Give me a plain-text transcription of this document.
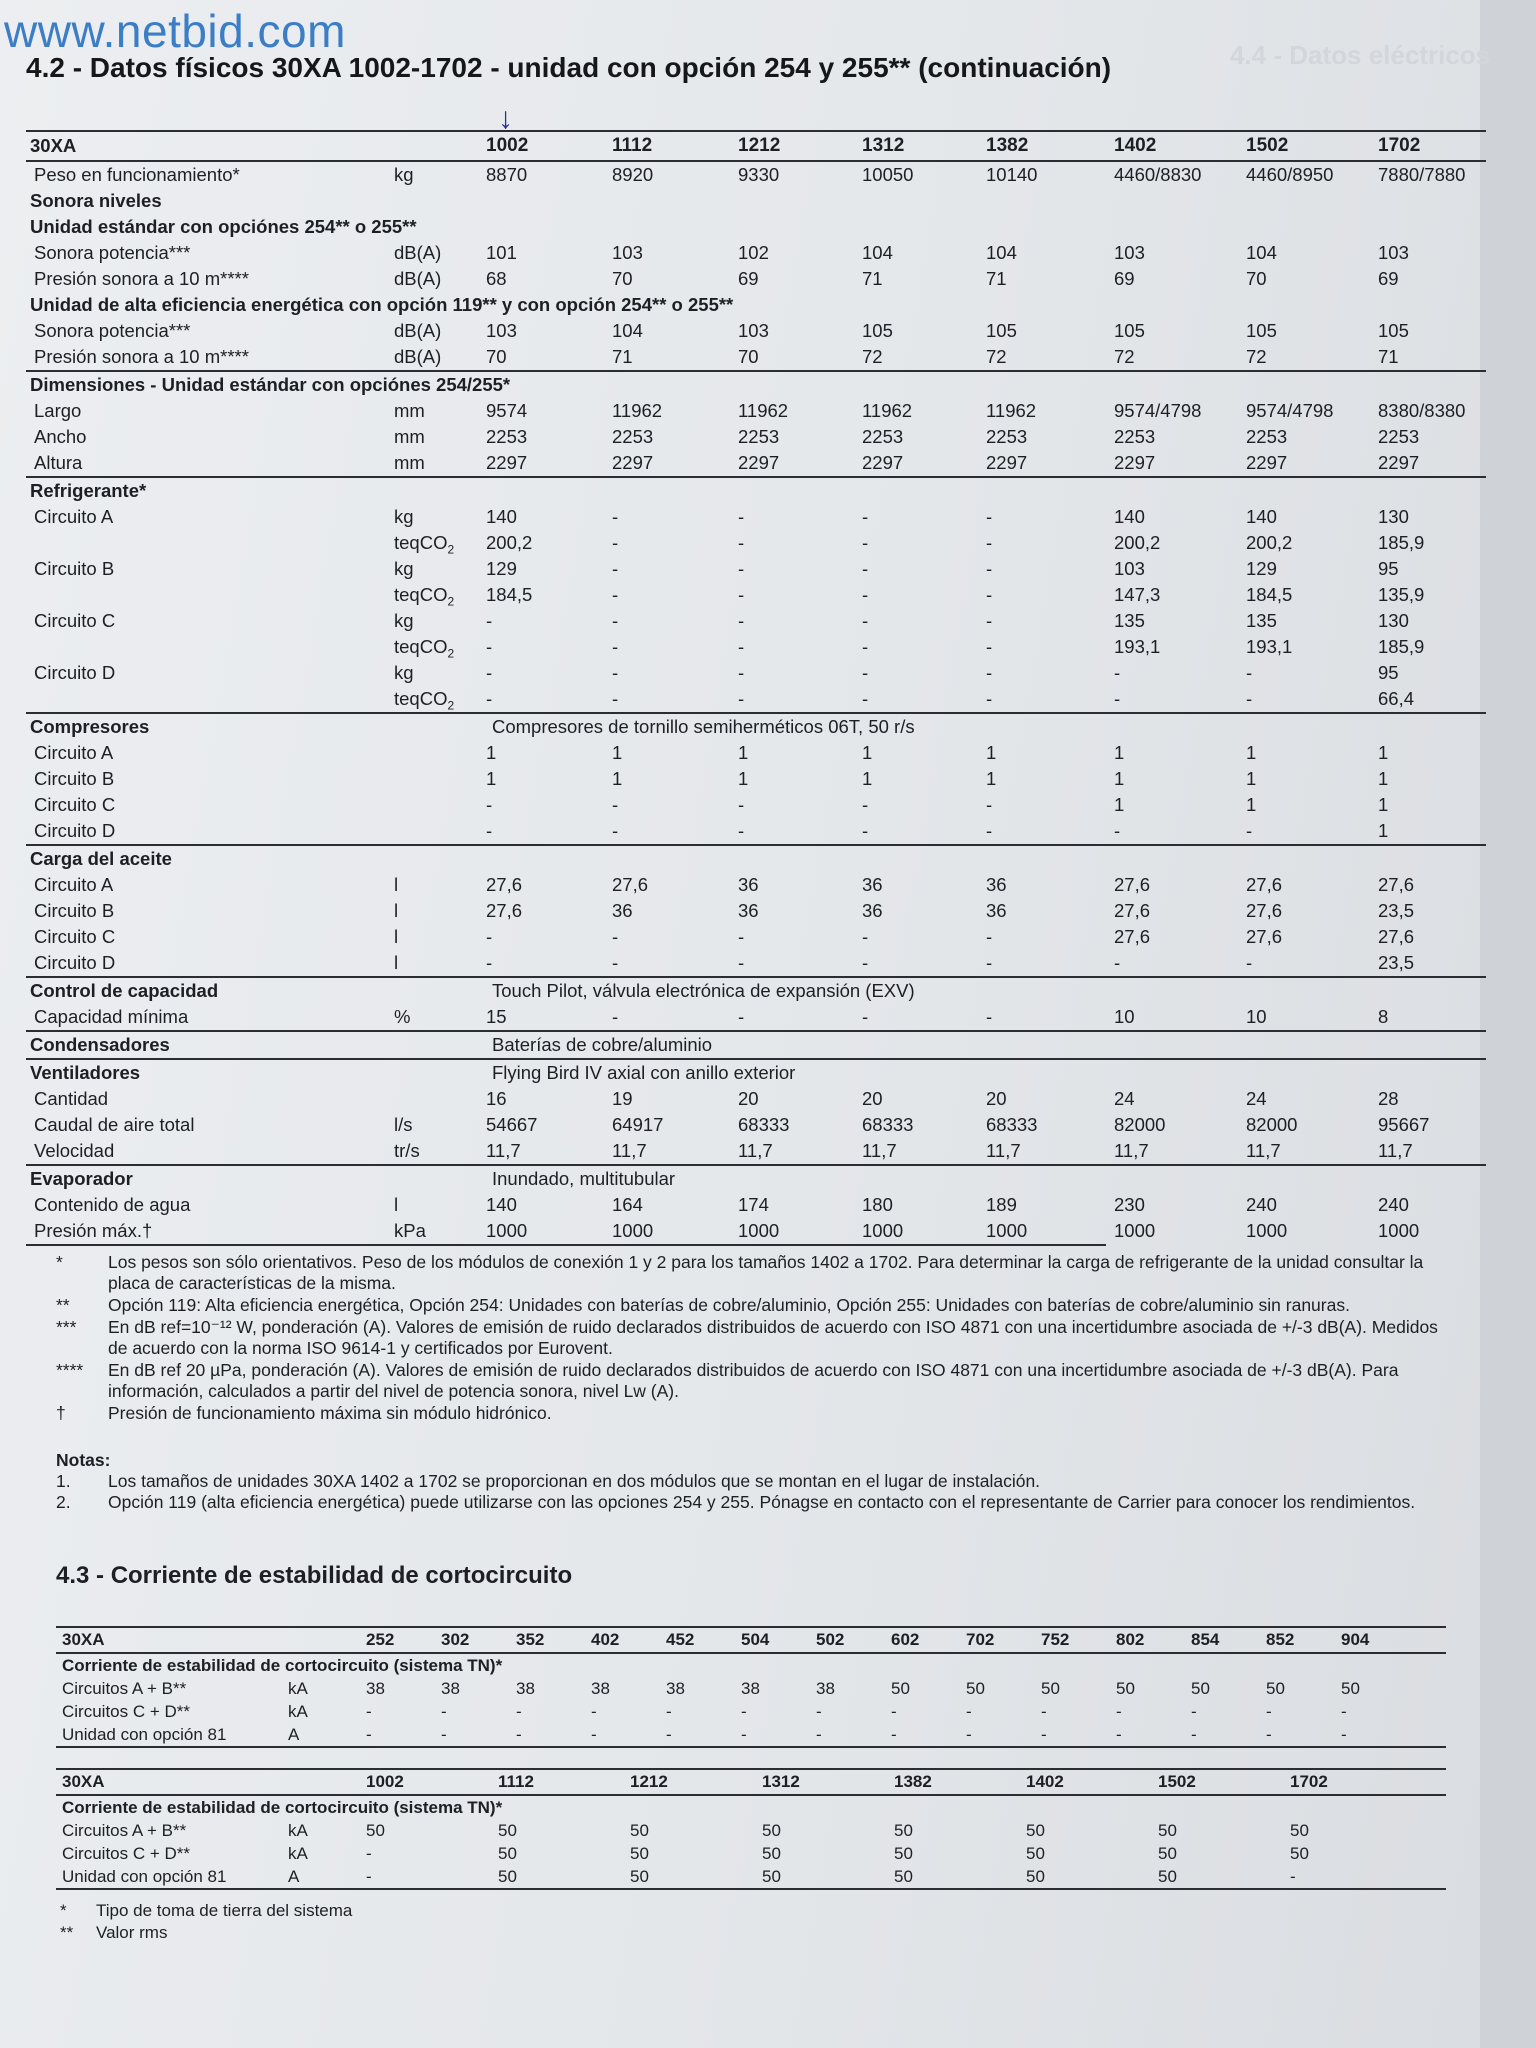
4.4 - Datos eléctricos
www.netbid.com
4.2 - Datos físicos 30XA 1002-1702 - unidad con opción 254 y 255** (continuación)
↓
30XA	1002	1112	1212	1312	1382	1402	1502	1702
Peso en funcionamiento*	kg	8870	8920	9330	10050	10140	4460/8830 4460/8950 7880/7880
Sonora niveles
Unidad estándar con opciónes 254** o 255**
Sonora potencia***	dB(A) 101	103	102	104	104	103	104	103
Presión sonora a 10 m****	dB(A) 68	70	69	71	71	69	70	69
Unidad de alta eficiencia energética con opción 119** y con opción 254** o 255**
Sonora potencia***	dB(A) 103	104	103	105	105	105	105	105
Presión sonora a 10 m****	dB(A) 70	71	70	72	72	72	72	71
Dimensiones - Unidad estándar con opciónes 254/255*
Largo	mm	9574	11962	11962	11962	11962	9574/4798 9574/4798 8380/8380
Ancho	mm	2253	2253	2253	2253	2253	2253	2253	2253
Altura	mm	2297	2297	2297	2297	2297	2297	2297	2297
Refrigerante*
Circuito A	kg	140	-	-	-	-	140	140	130
teqCO$_2$ 200,2	-	-	-	-	200,2	200,2	185,9
Circuito B	kg	129	-	-	-	-	103	129	95
teqCO$_2$ 184,5	-	-	-	-	147,3	184,5	135,9
Circuito C	kg	-	-	-	-	-	135	135	130
teqCO$_2$ -	-	-	-	-	193,1	193,1	185,9
Circuito D	kg	-	-	-	-	-	-	-	95
teqCO$_2$ -	-	-	-	-	-	-	66,4
Compresores	Compresores de tornillo semiherméticos 06T, 50 r/s
Circuito A	1	1	1	1	1	1	1	1
Circuito B	1	1	1	1	1	1	1	1
Circuito C	-	-	-	-	-	1	1	1
Circuito D	-	-	-	-	-	-	-	1
Carga del aceite
Circuito A	l	27,6	27,6	36	36	36	27,6	27,6	27,6
Circuito B	l	27,6	36	36	36	36	27,6	27,6	23,5
Circuito C	l	-	-	-	-	-	27,6	27,6	27,6
Circuito D	l	-	-	-	-	-	-	-	23,5
Control de capacidad	Touch Pilot, válvula electrónica de expansión (EXV)
Capacidad mínima	%	15	-	-	-	-	10	10	8
Condensadores	Baterías de cobre/aluminio
Ventiladores	Flying Bird IV axial con anillo exterior
Cantidad	16	19	20	20	20	24	24	28
Caudal de aire total	l/s	54667	64917	68333	68333	68333	82000	82000	95667
Velocidad	tr/s	11,7	11,7	11,7	11,7	11,7	11,7	11,7	11,7
Evaporador	Inundado, multitubular
Contenido de agua	l	140	164	174	180	189	230	240	240
Presión máx.†	kPa	1000	1000	1000	1000	1000	1000	1000	1000
*	Los pesos son sólo orientativos. Peso de los módulos de conexión 1 y 2 para los tamaños 1402 a 1702. Para determinar la carga de refrigerante de la unidad consultar la placa de características de la misma.
**	Opción 119: Alta eficiencia energética, Opción 254: Unidades con baterías de cobre/aluminio, Opción 255: Unidades con baterías de cobre/aluminio sin ranuras.
***	En dB ref=10⁻¹² W, ponderación (A). Valores de emisión de ruido declarados distribuidos de acuerdo con ISO 4871 con una incertidumbre asociada de +/-3 dB(A). Medidos de acuerdo con la norma ISO 9614-1 y certificados por Eurovent.
****	En dB ref 20 µPa, ponderación (A). Valores de emisión de ruido declarados distribuidos de acuerdo con ISO 4871 con una incertidumbre asociada de +/-3 dB(A). Para información, calculados a partir del nivel de potencia sonora, nivel Lw (A).
†	Presión de funcionamiento máxima sin módulo hidrónico.
Notas:
1. Los tamaños de unidades 30XA 1402 a 1702 se proporcionan en dos módulos que se montan en el lugar de instalación.
2. Opción 119 (alta eficiencia energética) puede utilizarse con las opciones 254 y 255. Pónagse en contacto con el representante de Carrier para conocer los rendimientos.
4.3 - Corriente de estabilidad de cortocircuito
30XA	252	302	352	402	452	504	502	602	702	752	802	854	852	904
Corriente de estabilidad de cortocircuito (sistema TN)*
Circuitos A + B**	kA	38	38	38	38	38	38	38	50	50	50	50	50	50	50
Circuitos C + D**	kA	-	-	-	-	-	-	-	-	-	-	-	-	-	-
Unidad con opción 81	A	-	-	-	-	-	-	-	-	-	-	-	-	-	-
30XA	1002	1112	1212	1312	1382	1402	1502	1702
Corriente de estabilidad de cortocircuito (sistema TN)*
Circuitos A + B**	kA	50	50	50	50	50	50	50	50
Circuitos C + D**	kA	-	50	50	50	50	50	50	50
Unidad con opción 81	A	-	50	50	50	50	50	50	-
* Tipo de toma de tierra del sistema
** Valor rms
